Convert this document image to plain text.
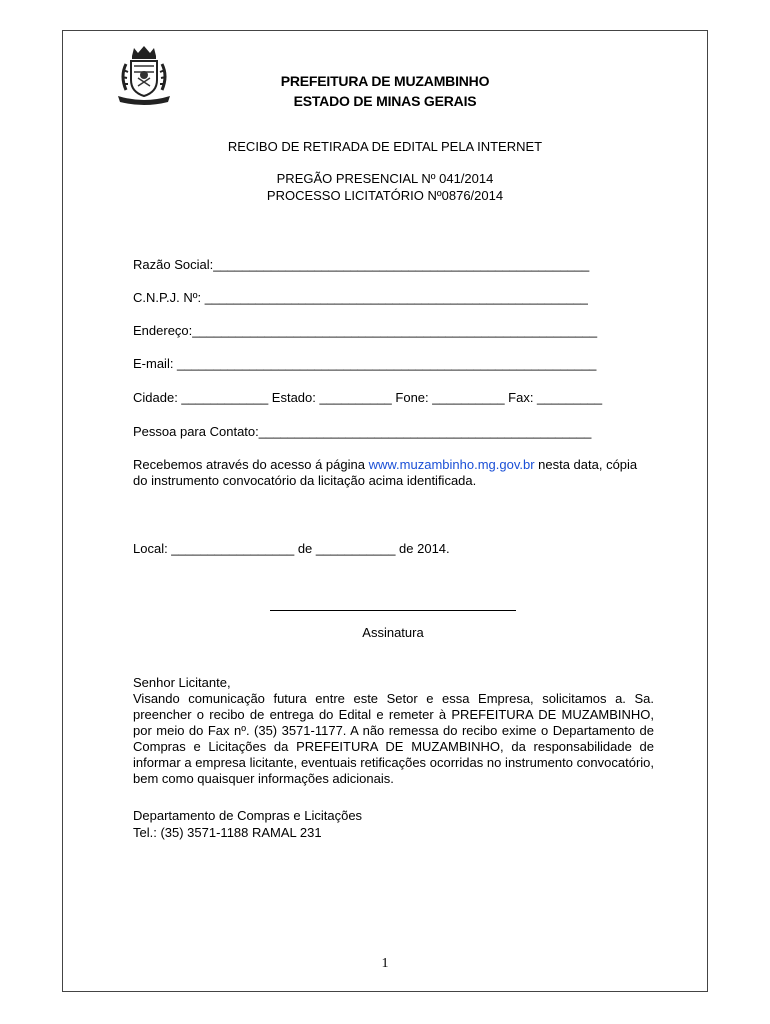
PREFEITURA DE MUZAMBINHO
ESTADO DE MINAS GERAIS
RECIBO DE RETIRADA DE EDITAL PELA INTERNET
PREGÃO PRESENCIAL Nº 041/2014
PROCESSO LICITATÓRIO Nº0876/2014
Razão Social:____________________________________________________
C.N.P.J. Nº: _____________________________________________________
Endereço:________________________________________________________
E-mail: __________________________________________________________
Cidade: ____________ Estado: __________ Fone: __________ Fax: _________
Pessoa para Contato:______________________________________________
Recebemos através do acesso á página www.muzambinho.mg.gov.br nesta data, cópia do instrumento convocatório da licitação acima identificada.
Local: _________________ de ___________ de 2014.
Assinatura
Senhor Licitante,
Visando comunicação futura entre este Setor e essa Empresa, solicitamos a. Sa. preencher o recibo de entrega do Edital e remeter à PREFEITURA DE MUZAMBINHO, por meio do Fax nº. (35) 3571-1177. A não remessa do recibo exime o Departamento de Compras e Licitações da PREFEITURA DE MUZAMBINHO, da responsabilidade de informar a empresa licitante, eventuais retificações ocorridas no instrumento convocatório, bem como quaisquer informações adicionais.
Departamento de Compras e Licitações
Tel.: (35) 3571-1188 RAMAL 231
1
